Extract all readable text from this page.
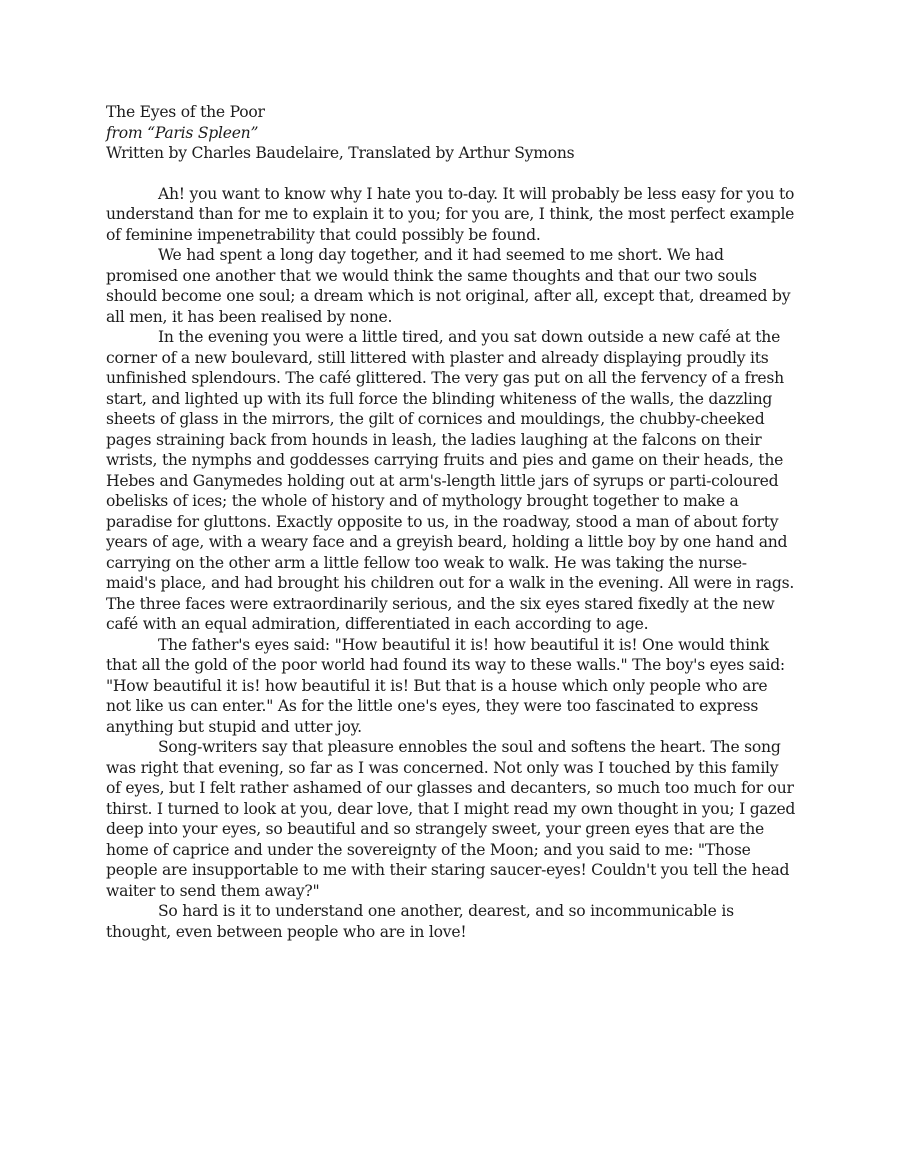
The Eyes of the Poor

from “Paris Spleen”

Written by Charles Baudelaire, Translated by Arthur Symons

Ah! you want to know why I hate you to-day. It will probably be less easy for you to understand than for me to explain it to you; for you are, I think, the most perfect example of feminine impenetrability that could possibly be found.

We had spent a long day together, and it had seemed to me short. We had promised one another that we would think the same thoughts and that our two souls should become one soul; a dream which is not original, after all, except that, dreamed by all men, it has been realised by none.

In the evening you were a little tired, and you sat down outside a new café at the corner of a new boulevard, still littered with plaster and already displaying proudly its unfinished splendours. The café glittered. The very gas put on all the fervency of a fresh start, and lighted up with its full force the blinding whiteness of the walls, the dazzling sheets of glass in the mirrors, the gilt of cornices and mouldings, the chubby-cheeked pages straining back from hounds in leash, the ladies laughing at the falcons on their wrists, the nymphs and goddesses carrying fruits and pies and game on their heads, the Hebes and Ganymedes holding out at arm's-length little jars of syrups or parti-coloured obelisks of ices; the whole of history and of mythology brought together to make a paradise for gluttons. Exactly opposite to us, in the roadway, stood a man of about forty years of age, with a weary face and a greyish beard, holding a little boy by one hand and carrying on the other arm a little fellow too weak to walk. He was taking the nurse-maid's place, and had brought his children out for a walk in the evening. All were in rags. The three faces were extraordinarily serious, and the six eyes stared fixedly at the new café with an equal admiration, differentiated in each according to age.

The father's eyes said: "How beautiful it is! how beautiful it is! One would think that all the gold of the poor world had found its way to these walls." The boy's eyes said: "How beautiful it is! how beautiful it is! But that is a house which only people who are not like us can enter." As for the little one's eyes, they were too fascinated to express anything but stupid and utter joy.

Song-writers say that pleasure ennobles the soul and softens the heart. The song was right that evening, so far as I was concerned. Not only was I touched by this family of eyes, but I felt rather ashamed of our glasses and decanters, so much too much for our thirst. I turned to look at you, dear love, that I might read my own thought in you; I gazed deep into your eyes, so beautiful and so strangely sweet, your green eyes that are the home of caprice and under the sovereignty of the Moon; and you said to me: "Those people are insupportable to me with their staring saucer-eyes! Couldn't you tell the head waiter to send them away?"

So hard is it to understand one another, dearest, and so incommunicable is thought, even between people who are in love!
